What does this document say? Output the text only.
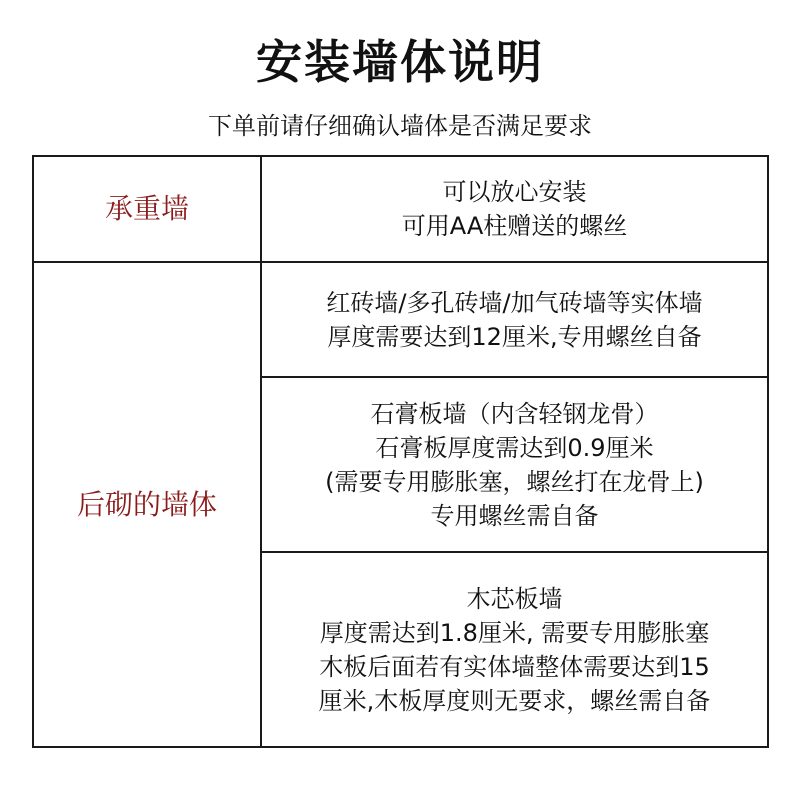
安装墙体说明
下单前请仔细确认墙体是否满足要求
承重墙	可以放心安装
可用AA柱赠送的螺丝
后砌的墙体
红砖墙/多孔砖墙/加气砖墙等实体墙
厚度需要达到12厘米,专用螺丝自备
石膏板墙（内含轻钢龙骨）
石膏板厚度需达到0.9厘米
(需要专用膨胀塞，螺丝打在龙骨上)
专用螺丝需自备
木芯板墙
厚度需达到1.8厘米, 需要专用膨胀塞
木板后面若有实体墙整体需要达到15
厘米,木板厚度则无要求，螺丝需自备
